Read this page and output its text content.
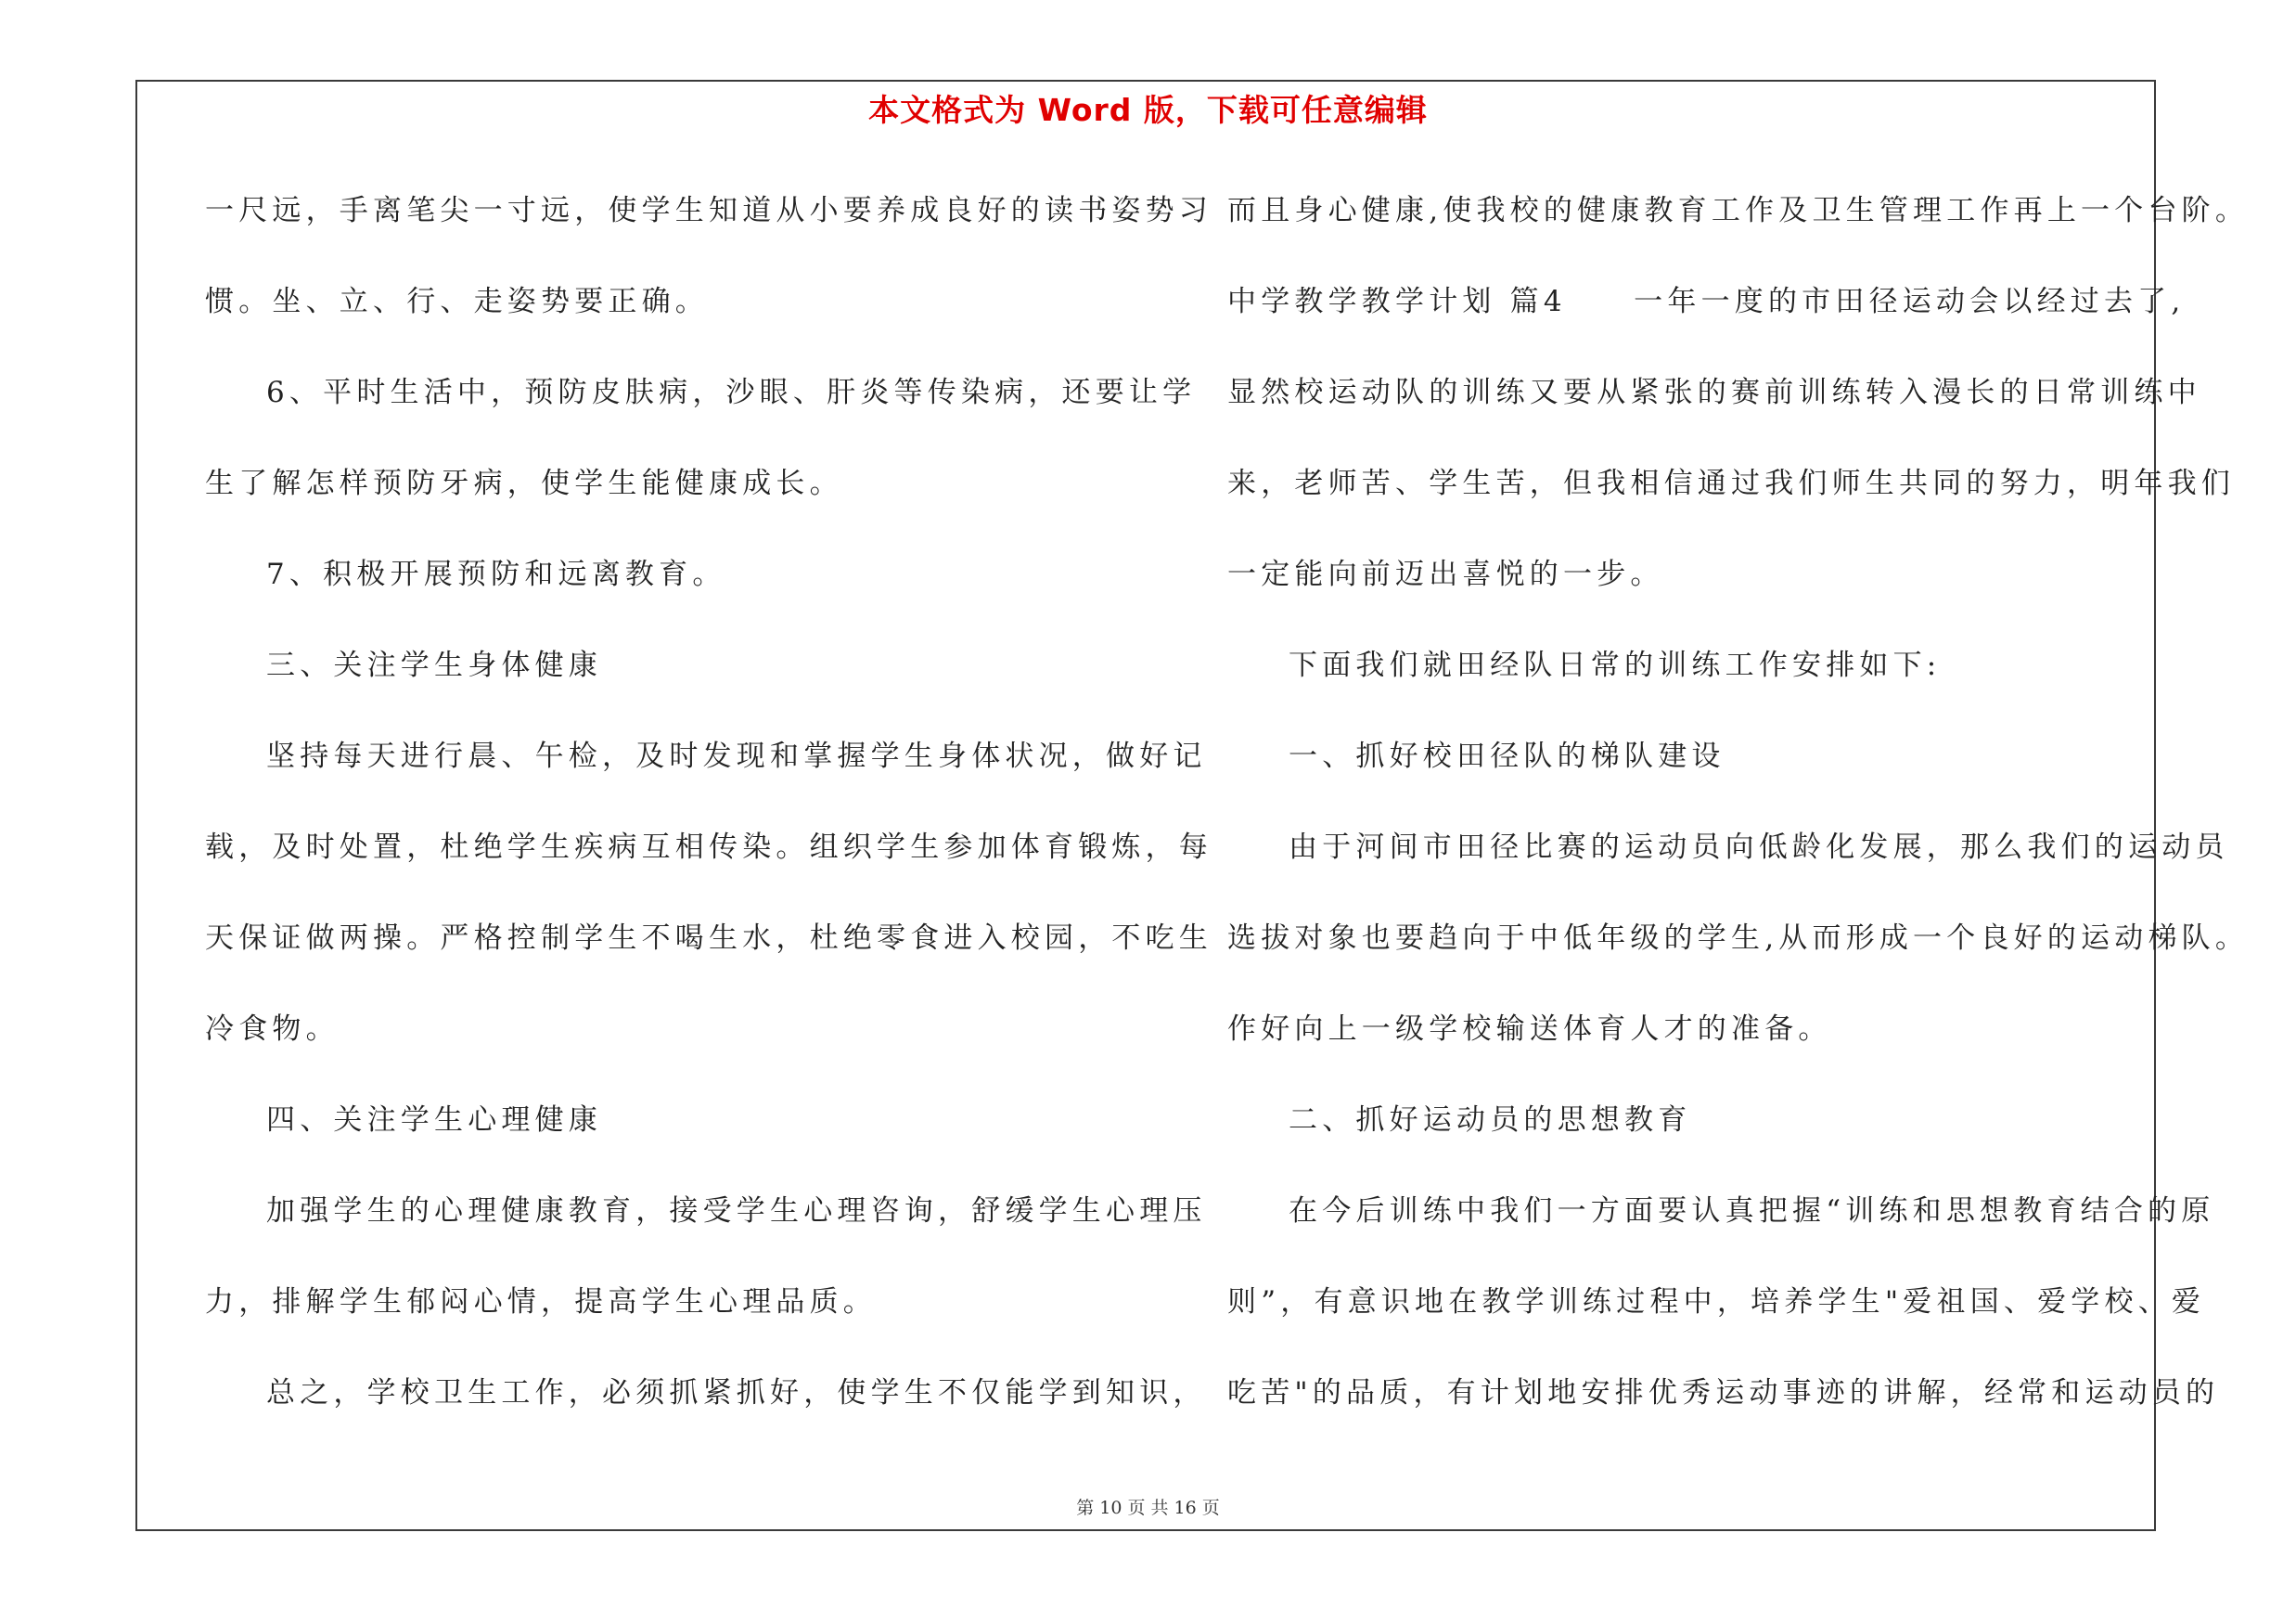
本文格式为 Word 版，下载可任意编辑
一尺远，手离笔尖一寸远，使学生知道从小要养成良好的读书姿势习
惯。坐、立、行、走姿势要正确。
6、平时生活中，预防皮肤病，沙眼、肝炎等传染病，还要让学
生了解怎样预防牙病，使学生能健康成长。
7、积极开展预防和远离教育。
三、关注学生身体健康
坚持每天进行晨、午检，及时发现和掌握学生身体状况，做好记
载，及时处置，杜绝学生疾病互相传染。组织学生参加体育锻炼，每
天保证做两操。严格控制学生不喝生水，杜绝零食进入校园，不吃生
冷食物。
四、关注学生心理健康
加强学生的心理健康教育，接受学生心理咨询，舒缓学生心理压
力，排解学生郁闷心情，提高学生心理品质。
总之，学校卫生工作，必须抓紧抓好，使学生不仅能学到知识，
而且身心健康,使我校的健康教育工作及卫生管理工作再上一个台阶。
中学教学教学计划 篇4　　一年一度的市田径运动会以经过去了,
显然校运动队的训练又要从紧张的赛前训练转入漫长的日常训练中
来，老师苦、学生苦，但我相信通过我们师生共同的努力，明年我们
一定能向前迈出喜悦的一步。
下面我们就田经队日常的训练工作安排如下:
一、抓好校田径队的梯队建设
由于河间市田径比赛的运动员向低龄化发展，那么我们的运动员
选拔对象也要趋向于中低年级的学生,从而形成一个良好的运动梯队。
作好向上一级学校输送体育人才的准备。
二、抓好运动员的思想教育
在今后训练中我们一方面要认真把握“训练和思想教育结合的原
则”，有意识地在教学训练过程中，培养学生"爱祖国、爱学校、爱
吃苦"的品质，有计划地安排优秀运动事迹的讲解，经常和运动员的
第 10 页 共 16 页
